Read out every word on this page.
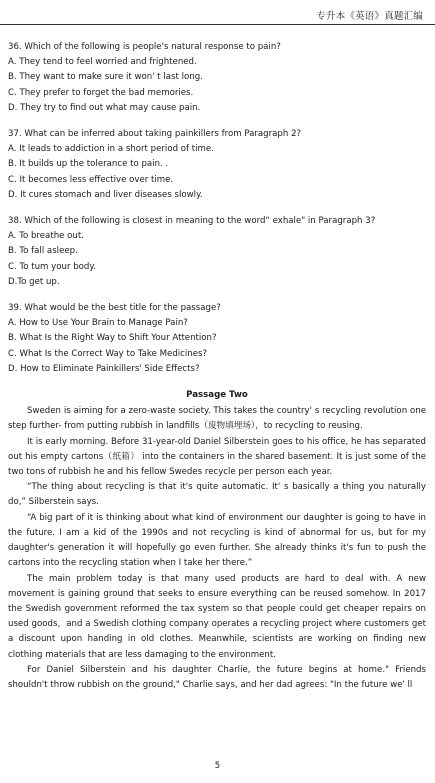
专升本《英语》真题汇编
36. Which of the following is people's natural response to pain?
A. They tend to feel worried and frightened.
B. They want to make sure it won' t last long.
C. They prefer to forget the bad memories.
D. They try to find out what may cause pain.
37. What can be inferred about taking painkillers from Paragraph 2?
A. It leads to addiction in a short period of time.
B. It builds up the tolerance to pain. .
C. It becomes less effective over time.
D. It cures stomach and liver diseases slowly.
38. Which of the following is closest in meaning to the word“ exhale" in Paragraph 3?
A. To breathe out.
B. To fall asleep.
C. To tum your body.
D.To get up.
39. What would be the best title for the passage?
A. How to Use Your Brain to Manage Pain?
B. What Is the Right Way to Shift Your Attention?
C. What Is the Correct Way to Take Medicines?
D. How to Eliminate Painkillers' Side Effects?
Passage Two
Sweden is aiming for a zero-waste society. This takes the country' s recycling revolution one step further- from putting rubbish in landfills（废物填埋场），to recycling to reusing.
It is early morning. Before 31-year-old Daniel Silberstein goes to his office, he has separated out his empty cartons（纸箱） into the containers in the shared basement. It is just some of the two tons of rubbish he and his fellow Swedes recycle per person each year.
“The thing about recycling is that it's quite automatic. It' s basically a thing you naturally do,” Silberstein says.
“A big part of it is thinking about what kind of environment our daughter is going to have in the future. I am a kid of the 1990s and not recycling is kind of abnormal for us, but for my daughter's generation it will hopefully go even further. She already thinks it's fun to push the cartons into the recycling station when I take her there.”
The main problem today is that many used products are hard to deal with. A new movement is gaining ground that seeks to ensure everything can be reused somehow. In 2017 the Swedish government reformed the tax system so that people could get cheaper repairs on used goods，and a Swedish clothing company operates a recycling project where customers get a discount upon handing in old clothes. Meanwhile, scientists are working on finding new clothing materials that are less damaging to the environment.
For Daniel Silberstein and his daughter Charlie, the future begins at home." Friends shouldn't throw rubbish on the ground," Charlie says, and her dad agrees: "In the future we' ll
5
